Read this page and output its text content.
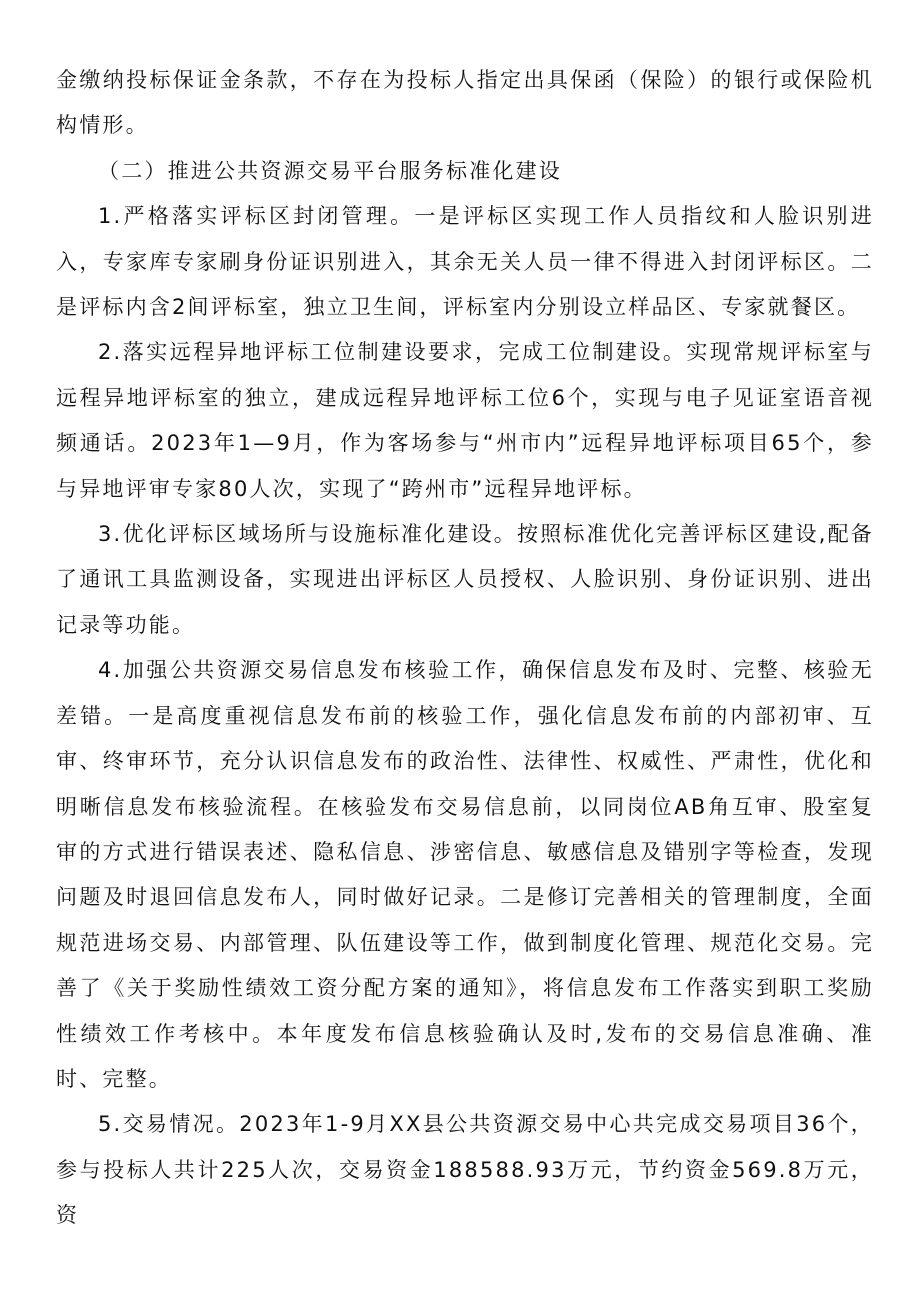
金缴纳投标保证金条款，不存在为投标人指定出具保函（保险）的银行或保险机构情形。

（二）推进公共资源交易平台服务标准化建设

1.严格落实评标区封闭管理。一是评标区实现工作人员指纹和人脸识别进入，专家库专家刷身份证识别进入，其余无关人员一律不得进入封闭评标区。二是评标内含2间评标室，独立卫生间，评标室内分别设立样品区、专家就餐区。

2.落实远程异地评标工位制建设要求，完成工位制建设。实现常规评标室与远程异地评标室的独立，建成远程异地评标工位6个，实现与电子见证室语音视频通话。2023年1—9月，作为客场参与“州市内”远程异地评标项目65个，参与异地评审专家80人次，实现了“跨州市”远程异地评标。

3.优化评标区域场所与设施标准化建设。按照标准优化完善评标区建设,配备了通讯工具监测设备，实现进出评标区人员授权、人脸识别、身份证识别、进出记录等功能。

4.加强公共资源交易信息发布核验工作，确保信息发布及时、完整、核验无差错。一是高度重视信息发布前的核验工作，强化信息发布前的内部初审、互审、终审环节，充分认识信息发布的政治性、法律性、权威性、严肃性，优化和明晰信息发布核验流程。在核验发布交易信息前，以同岗位AB角互审、股室复审的方式进行错误表述、隐私信息、涉密信息、敏感信息及错别字等检查，发现问题及时退回信息发布人，同时做好记录。二是修订完善相关的管理制度，全面规范进场交易、内部管理、队伍建设等工作，做到制度化管理、规范化交易。完善了《关于奖励性绩效工资分配方案的通知》，将信息发布工作落实到职工奖励性绩效工作考核中。本年度发布信息核验确认及时,发布的交易信息准确、准时、完整。

5.交易情况。2023年1-9月XX县公共资源交易中心共完成交易项目36个，参与投标人共计225人次，交易资金188588.93万元，节约资金569.8万元，资
